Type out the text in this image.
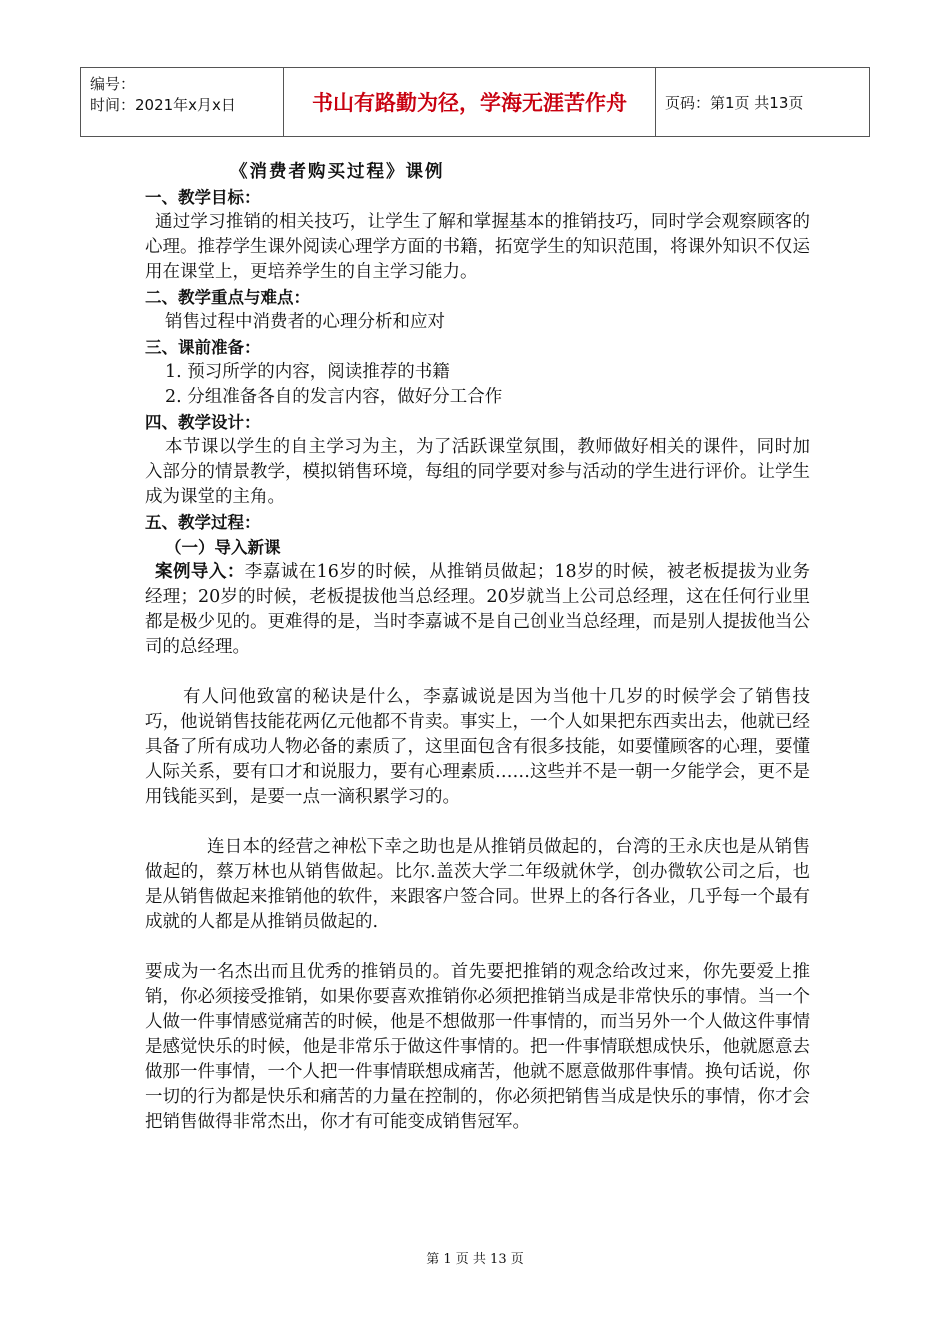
编号：
时间：2021年x月x日	书山有路勤为径，学海无涯苦作舟	页码：第1页 共13页

《消费者购买过程》课例

一、教学目标：

通过学习推销的相关技巧，让学生了解和掌握基本的推销技巧，同时学会观察顾客的心理。推荐学生课外阅读心理学方面的书籍，拓宽学生的知识范围，将课外知识不仅运用在课堂上，更培养学生的自主学习能力。

二、教学重点与难点：

销售过程中消费者的心理分析和应对

三、课前准备：

1. 预习所学的内容，阅读推荐的书籍

2. 分组准备各自的发言内容，做好分工合作

四、教学设计：

本节课以学生的自主学习为主，为了活跃课堂氛围，教师做好相关的课件，同时加入部分的情景教学，模拟销售环境，每组的同学要对参与活动的学生进行评价。让学生成为课堂的主角。

五、教学过程：

（一）导入新课

案例导入：李嘉诚在16岁的时候，从推销员做起；18岁的时候，被老板提拔为业务经理；20岁的时候，老板提拔他当总经理。20岁就当上公司总经理，这在任何行业里都是极少见的。更难得的是，当时李嘉诚不是自己创业当总经理，而是别人提拔他当公司的总经理。

有人问他致富的秘诀是什么，李嘉诚说是因为当他十几岁的时候学会了销售技巧，他说销售技能花两亿元他都不肯卖。事实上，一个人如果把东西卖出去，他就已经具备了所有成功人物必备的素质了，这里面包含有很多技能，如要懂顾客的心理，要懂人际关系，要有口才和说服力，要有心理素质……这些并不是一朝一夕能学会，更不是用钱能买到，是要一点一滴积累学习的。

连日本的经营之神松下幸之助也是从推销员做起的，台湾的王永庆也是从销售做起的，蔡万林也从销售做起。比尔.盖茨大学二年级就休学，创办微软公司之后，也是从销售做起来推销他的软件，来跟客户签合同。世界上的各行各业，几乎每一个最有成就的人都是从推销员做起的.

要成为一名杰出而且优秀的推销员的。首先要把推销的观念给改过来，你先要爱上推销，你必须接受推销，如果你要喜欢推销你必须把推销当成是非常快乐的事情。当一个人做一件事情感觉痛苦的时候，他是不想做那一件事情的，而当另外一个人做这件事情是感觉快乐的时候，他是非常乐于做这件事情的。把一件事情联想成快乐，他就愿意去做那一件事情，一个人把一件事情联想成痛苦，他就不愿意做那件事情。换句话说，你一切的行为都是快乐和痛苦的力量在控制的，你必须把销售当成是快乐的事情，你才会把销售做得非常杰出，你才有可能变成销售冠军。

第 1 页 共 13 页
